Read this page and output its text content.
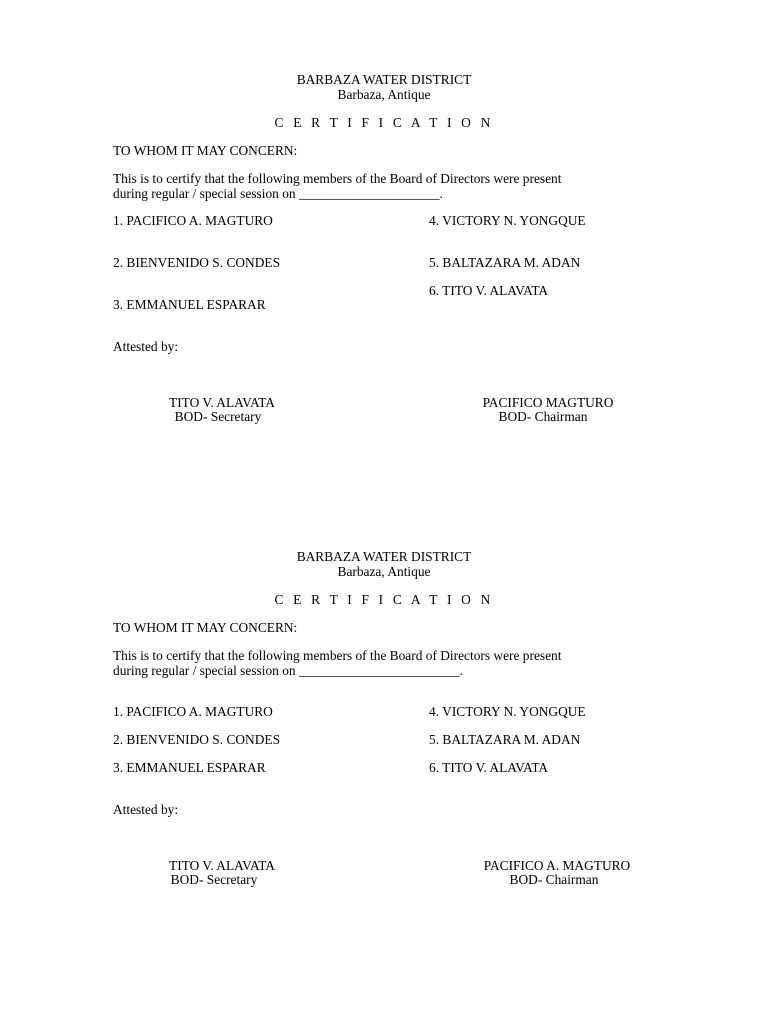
BARBAZA WATER DISTRICT
Barbaza, Antique
C E R T I F I C A T I O N
TO WHOM IT MAY CONCERN:
This is to certify that the following members of the Board of Directors were present
during regular / special session on _____________________.
1. PACIFICO A. MAGTURO
2. BIENVENIDO S. CONDES
3. EMMANUEL ESPARAR
4. VICTORY N. YONGQUE
5. BALTAZARA M. ADAN
6. TITO V. ALAVATA
Attested by:
TITO V. ALAVATA
BOD- Secretary
PACIFICO MAGTURO
BOD- Chairman
BARBAZA WATER DISTRICT
Barbaza, Antique
C E R T I F I C A T I O N
TO WHOM IT MAY CONCERN:
This is to certify that the following members of the Board of Directors were present
during regular / special session on ________________________.
1. PACIFICO A. MAGTURO
2. BIENVENIDO S. CONDES
3. EMMANUEL ESPARAR
4. VICTORY N. YONGQUE
5. BALTAZARA M. ADAN
6. TITO V. ALAVATA
Attested by:
TITO V. ALAVATA
BOD- Secretary
PACIFICO A. MAGTURO
BOD- Chairman
